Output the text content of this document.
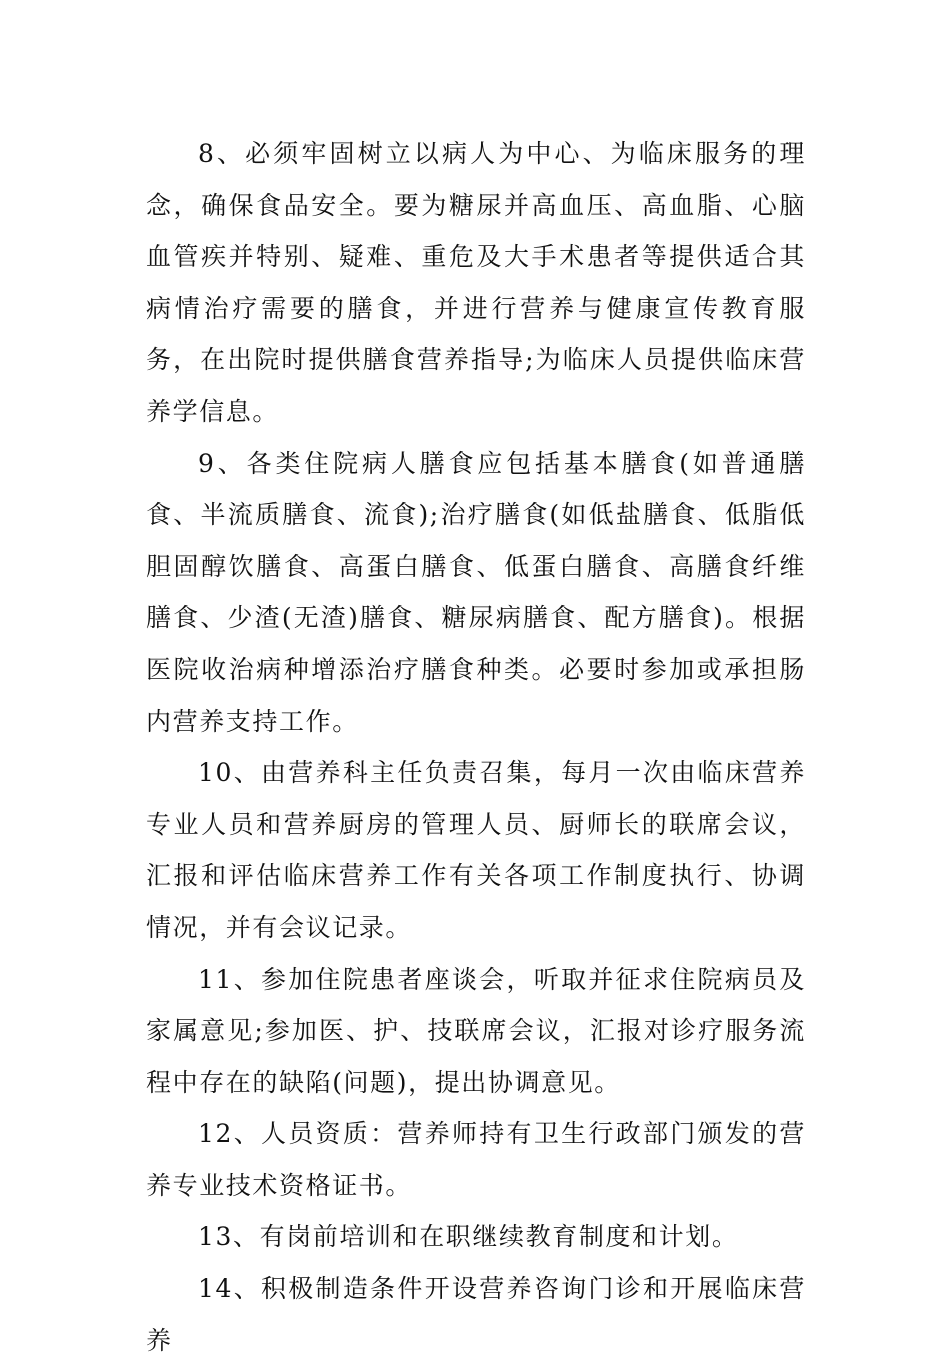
8、必须牢固树立以病人为中心、为临床服务的理念，确保食品安全。要为糖尿并高血压、高血脂、心脑血管疾并特别、疑难、重危及大手术患者等提供适合其病情治疗需要的膳食，并进行营养与健康宣传教育服务，在出院时提供膳食营养指导;为临床人员提供临床营养学信息。

9、各类住院病人膳食应包括基本膳食(如普通膳食、半流质膳食、流食);治疗膳食(如低盐膳食、低脂低胆固醇饮膳食、高蛋白膳食、低蛋白膳食、高膳食纤维膳食、少渣(无渣)膳食、糖尿病膳食、配方膳食)。根据医院收治病种增添治疗膳食种类。必要时参加或承担肠内营养支持工作。

10、由营养科主任负责召集，每月一次由临床营养专业人员和营养厨房的管理人员、厨师长的联席会议，汇报和评估临床营养工作有关各项工作制度执行、协调情况，并有会议记录。

11、参加住院患者座谈会，听取并征求住院病员及家属意见;参加医、护、技联席会议，汇报对诊疗服务流程中存在的缺陷(问题)，提出协调意见。

12、人员资质：营养师持有卫生行政部门颁发的营养专业技术资格证书。

13、有岗前培训和在职继续教育制度和计划。

14、积极制造条件开设营养咨询门诊和开展临床营养
